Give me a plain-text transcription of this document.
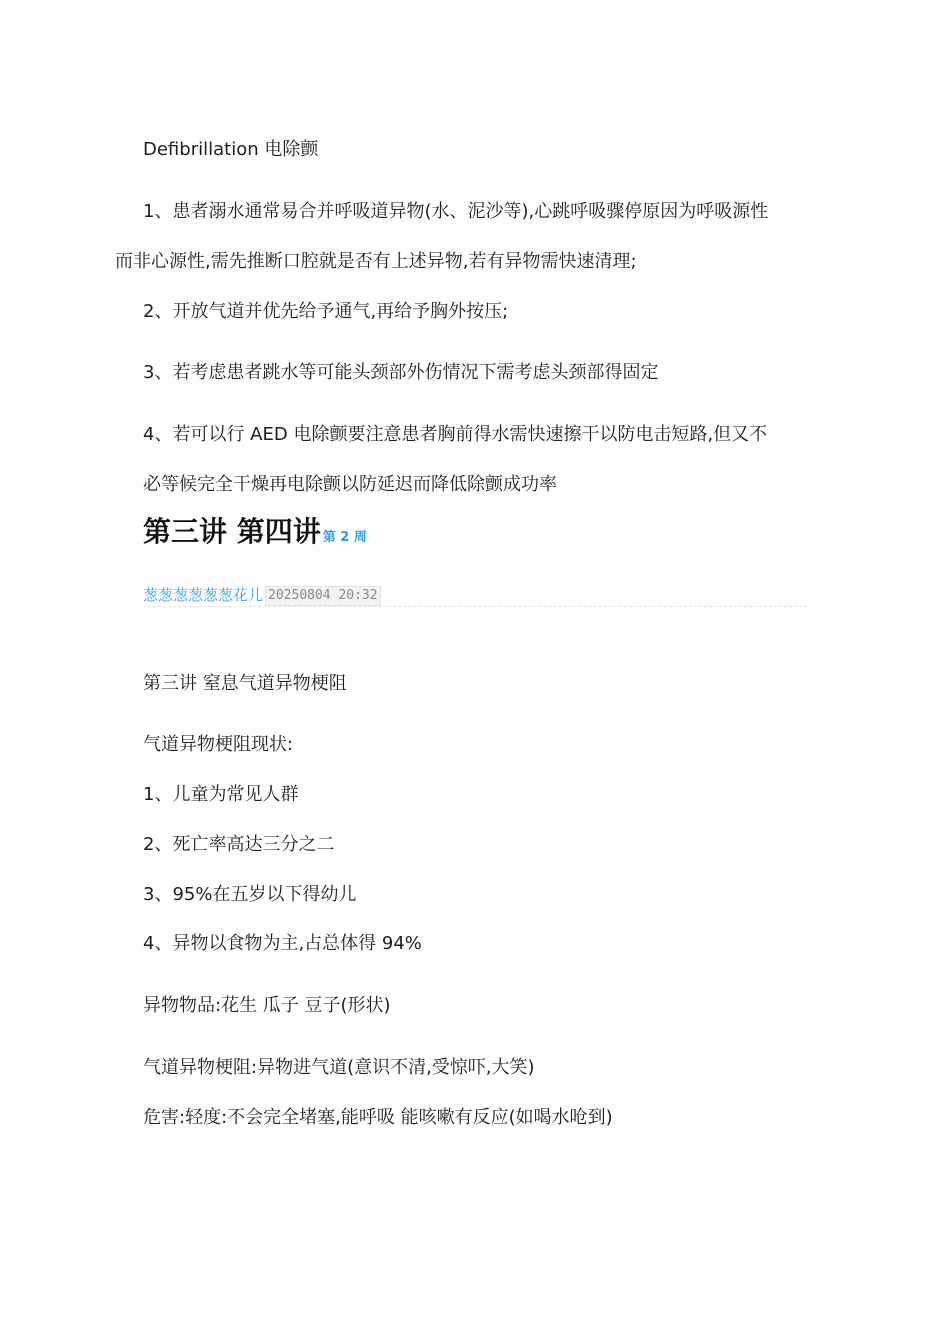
Defibrillation 电除颤
1、患者溺水通常易合并呼吸道异物(水、泥沙等),心跳呼吸骤停原因为呼吸源性
而非心源性,需先推断口腔就是否有上述异物,若有异物需快速清理;
2、开放气道并优先给予通气,再给予胸外按压;
3、若考虑患者跳水等可能头颈部外伤情况下需考虑头颈部得固定
4、若可以行 AED 电除颤要注意患者胸前得水需快速擦干以防电击短路,但又不
必等候完全干燥再电除颤以防延迟而降低除颤成功率
第三讲 第四讲 第 2 周
葱葱葱葱葱葱花儿 20250804 20:32
第三讲 窒息气道异物梗阻
气道异物梗阻现状:
1、儿童为常见人群
2、死亡率高达三分之二
3、95%在五岁以下得幼儿
4、异物以食物为主,占总体得 94%
异物物品:花生 瓜子 豆子(形状)
气道异物梗阻:异物进气道(意识不清,受惊吓,大笑)
危害:轻度:不会完全堵塞,能呼吸 能咳嗽有反应(如喝水呛到)
